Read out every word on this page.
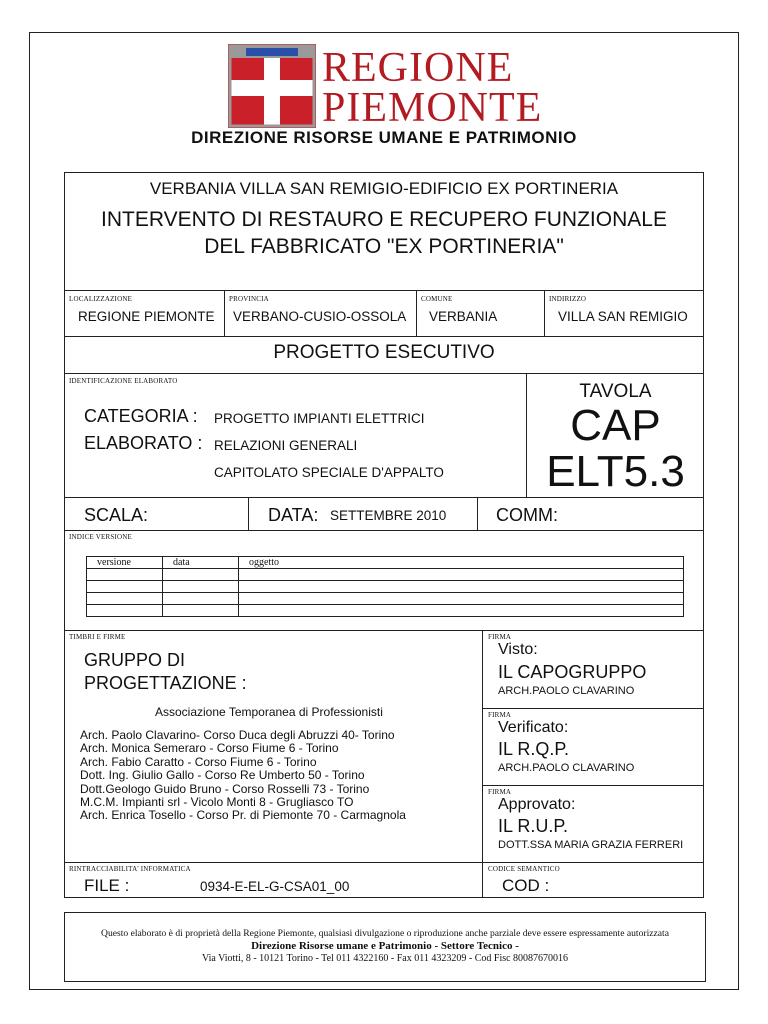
REGIONE
PIEMONTE
DIREZIONE RISORSE UMANE E PATRIMONIO
VERBANIA VILLA SAN REMIGIO-EDIFICIO EX PORTINERIA
INTERVENTO DI RESTAURO E RECUPERO FUNZIONALE
DEL FABBRICATO "EX PORTINERIA"
LOCALIZZAZIONE
REGIONE PIEMONTE
PROVINCIA
VERBANO-CUSIO-OSSOLA
COMUNE
VERBANIA
INDIRIZZO
VILLA SAN REMIGIO
PROGETTO ESECUTIVO
IDENTIFICAZIONE ELABORATO
CATEGORIA : PROGETTO IMPIANTI ELETTRICI
ELABORATO : RELAZIONI GENERALI
CAPITOLATO SPECIALE D'APPALTO
TAVOLA
CAP
ELT5.3
SCALA:	DATA: SETTEMBRE 2010	COMM:
INDICE VERSIONE
versione	data	oggetto

TIMBRI E FIRME
GRUPPO DI
PROGETTAZIONE :
Associazione Temporanea di Professionisti
Arch. Paolo Clavarino- Corso Duca degli Abruzzi 40- Torino
Arch. Monica Semeraro - Corso Fiume 6 - Torino
Arch. Fabio Caratto - Corso Fiume 6 - Torino
Dott. Ing. Giulio Gallo - Corso Re Umberto 50 - Torino
Dott.Geologo Guido Bruno - Corso Rosselli 73 - Torino
M.C.M. Impianti srl - Vicolo Monti 8 - Grugliasco TO
Arch. Enrica Tosello - Corso Pr. di Piemonte 70 - Carmagnola
FIRMA
Visto:
IL CAPOGRUPPO
ARCH.PAOLO CLAVARINO
FIRMA
Verificato:
IL R.Q.P.
ARCH.PAOLO CLAVARINO
FIRMA
Approvato:
IL R.U.P.
DOTT.SSA MARIA GRAZIA FERRERI
RINTRACCIABILITA' INFORMATICA
FILE :	0934-E-EL-G-CSA01_00
CODICE SEMANTICO
COD :
Questo elaborato è di proprietà della Regione Piemonte, qualsiasi divulgazione o riproduzione anche parziale deve essere espressamente autorizzata
Direzione Risorse umane e Patrimonio - Settore Tecnico -
Via Viotti, 8 - 10121 Torino - Tel 011 4322160 - Fax 011 4323209 - Cod Fisc 80087670016
